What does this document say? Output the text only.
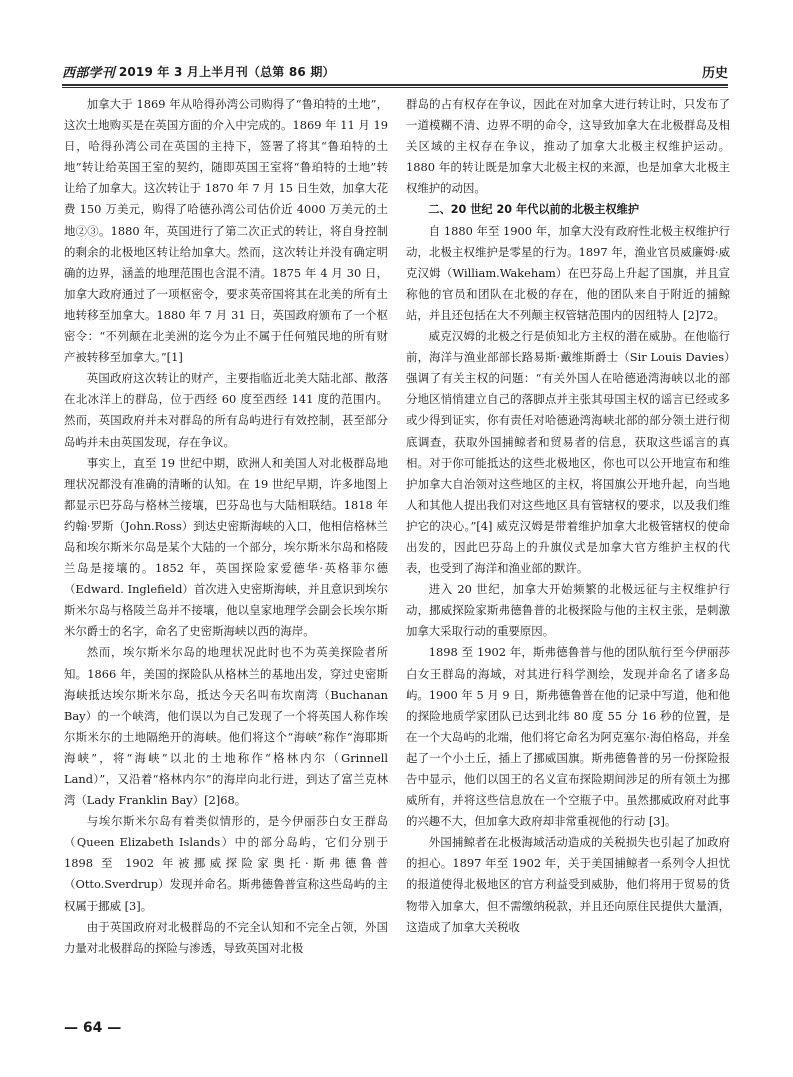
西部学刊 2019 年 3 月上半月刊（总第 86 期）	历史

加拿大于 1869 年从哈得孙湾公司购得了“鲁珀特的土地”，这次土地购买是在英国方面的介入中完成的。1869 年 11 月 19 日，哈得孙湾公司在英国的主持下，签署了将其“鲁珀特的土地”转让给英国王室的契约，随即英国王室将“鲁珀特的土地”转让给了加拿大。这次转让于 1870 年 7 月 15 日生效，加拿大花费 150 万美元，购得了哈德孙湾公司估价近 4000 万美元的土地②③。1880 年，英国进行了第二次正式的转让，将自身控制的剩余的北极地区转让给加拿大。然而，这次转让并没有确定明确的边界，涵盖的地理范围也含混不清。1875 年 4 月 30 日，加拿大政府通过了一项枢密令，要求英帝国将其在北美的所有土地转移至加拿大。1880 年 7 月 31 日，英国政府颁布了一个枢密令：“不列颠在北美洲的迄今为止不属于任何殖民地的所有财产被转移至加拿大。”[1]

英国政府这次转让的财产，主要指临近北美大陆北部、散落在北冰洋上的群岛，位于西经 60 度至西经 141 度的范围内。然而，英国政府并未对群岛的所有岛屿进行有效控制，甚至部分岛屿并未由英国发现，存在争议。

事实上，直至 19 世纪中期，欧洲人和美国人对北极群岛地理状况都没有准确的清晰的认知。在 19 世纪早期，许多地图上都显示巴芬岛与格林兰接壤，巴芬岛也与大陆相联结。1818 年约翰·罗斯（John.Ross）到达史密斯海峡的入口，他相信格林兰岛和埃尔斯米尔岛是某个大陆的一个部分，埃尔斯米尔岛和格陵兰岛是接壤的。1852 年，英国探险家爱德华·英格菲尔德（Edward. Inglefield）首次进入史密斯海峡，并且意识到埃尔斯米尔岛与格陵兰岛并不接壤，他以皇家地理学会副会长埃尔斯米尔爵士的名字，命名了史密斯海峡以西的海岸。

然而，埃尔斯米尔岛的地理状况此时也不为英美探险者所知。1866 年，美国的探险队从格林兰的基地出发，穿过史密斯海峡抵达埃尔斯米尔岛，抵达今天名叫布坎南湾（Buchanan Bay）的一个峡湾，他们误以为自己发现了一个将英国人称作埃尔斯米尔的土地隔绝开的海峡。他们将这个“海峡”称作“海耶斯海峡”，将“海峡”以北的土地称作“格林内尔（Grinnell Land）”，又沿着“格林内尔”的海岸向北行进，到达了富兰克林湾（Lady Franklin Bay）[2]68。

与埃尔斯米尔岛有着类似情形的，是今伊丽莎白女王群岛（Queen Elizabeth Islands）中的部分岛屿，它们分别于 1898 至 1902 年被挪威探险家奥托·斯弗德鲁普（Otto.Sverdrup）发现并命名。斯弗德鲁普宣称这些岛屿的主权属于挪威 [3]。

由于英国政府对北极群岛的不完全认知和不完全占领，外国力量对北极群岛的探险与渗透，导致英国对北极

群岛的占有权存在争议，因此在对加拿大进行转让时，只发布了一道模糊不清、边界不明的命令，这导致加拿大在北极群岛及相关区域的主权存在争议，推动了加拿大北极主权维护运动。1880 年的转让既是加拿大北极主权的来源，也是加拿大北极主权维护的动因。

二、20 世纪 20 年代以前的北极主权维护

自 1880 年至 1900 年，加拿大没有政府性北极主权维护行动，北极主权维护是零星的行为。1897 年，渔业官员威廉姆·威克汉姆（William.Wakeham）在巴芬岛上升起了国旗，并且宣称他的官员和团队在北极的存在，他的团队来自于附近的捕鲸站，并且还包括在大不列颠主权管辖范围内的因纽特人 [2]72。

威克汉姆的北极之行是侦知北方主权的潜在威胁。在他临行前，海洋与渔业部部长路易斯·戴维斯爵士（Sir Louis Davies）强调了有关主权的问题：“有关外国人在哈德逊湾海峡以北的部分地区悄悄建立自己的落脚点并主张其母国主权的谣言已经或多或少得到证实，你有责任对哈德逊湾海峡北部的部分领土进行彻底调查，获取外国捕鲸者和贸易者的信息，获取这些谣言的真相。对于你可能抵达的这些北极地区，你也可以公开地宣布和维护加拿大自治领对这些地区的主权，将国旗公开地升起，向当地人和其他人提出我们对这些地区具有管辖权的要求，以及我们维护它的决心。”[4] 威克汉姆是带着维护加拿大北极管辖权的使命出发的，因此巴芬岛上的升旗仪式是加拿大官方维护主权的代表，也受到了海洋和渔业部的默许。

进入 20 世纪，加拿大开始频繁的北极远征与主权维护行动，挪威探险家斯弗德鲁普的北极探险与他的主权主张，是刺激加拿大采取行动的重要原因。

1898 至 1902 年，斯弗德鲁普与他的团队航行至今伊丽莎白女王群岛的海域，对其进行科学测绘，发现并命名了诸多岛屿。1900 年 5 月 9 日，斯弗德鲁普在他的记录中写道，他和他的探险地质学家团队已达到北纬 80 度 55 分 16 秒的位置，是在一个大岛屿的北端，他们将它命名为阿克塞尔·海伯格岛，并垒起了一个小土丘，插上了挪威国旗。斯弗德鲁普的另一份探险报告中显示，他们以国王的名义宣布探险期间涉足的所有领土为挪威所有，并将这些信息放在一个空瓶子中。虽然挪威政府对此事的兴趣不大，但加拿大政府却非常重视他的行动 [3]。

外国捕鲸者在北极海域活动造成的关税损失也引起了加政府的担心。1897 年至 1902 年，关于美国捕鲸者一系列令人担忧的报道使得北极地区的官方利益受到威胁，他们将用于贸易的货物带入加拿大，但不需缴纳税款，并且还向原住民提供大量酒，这造成了加拿大关税收

— 64 —
